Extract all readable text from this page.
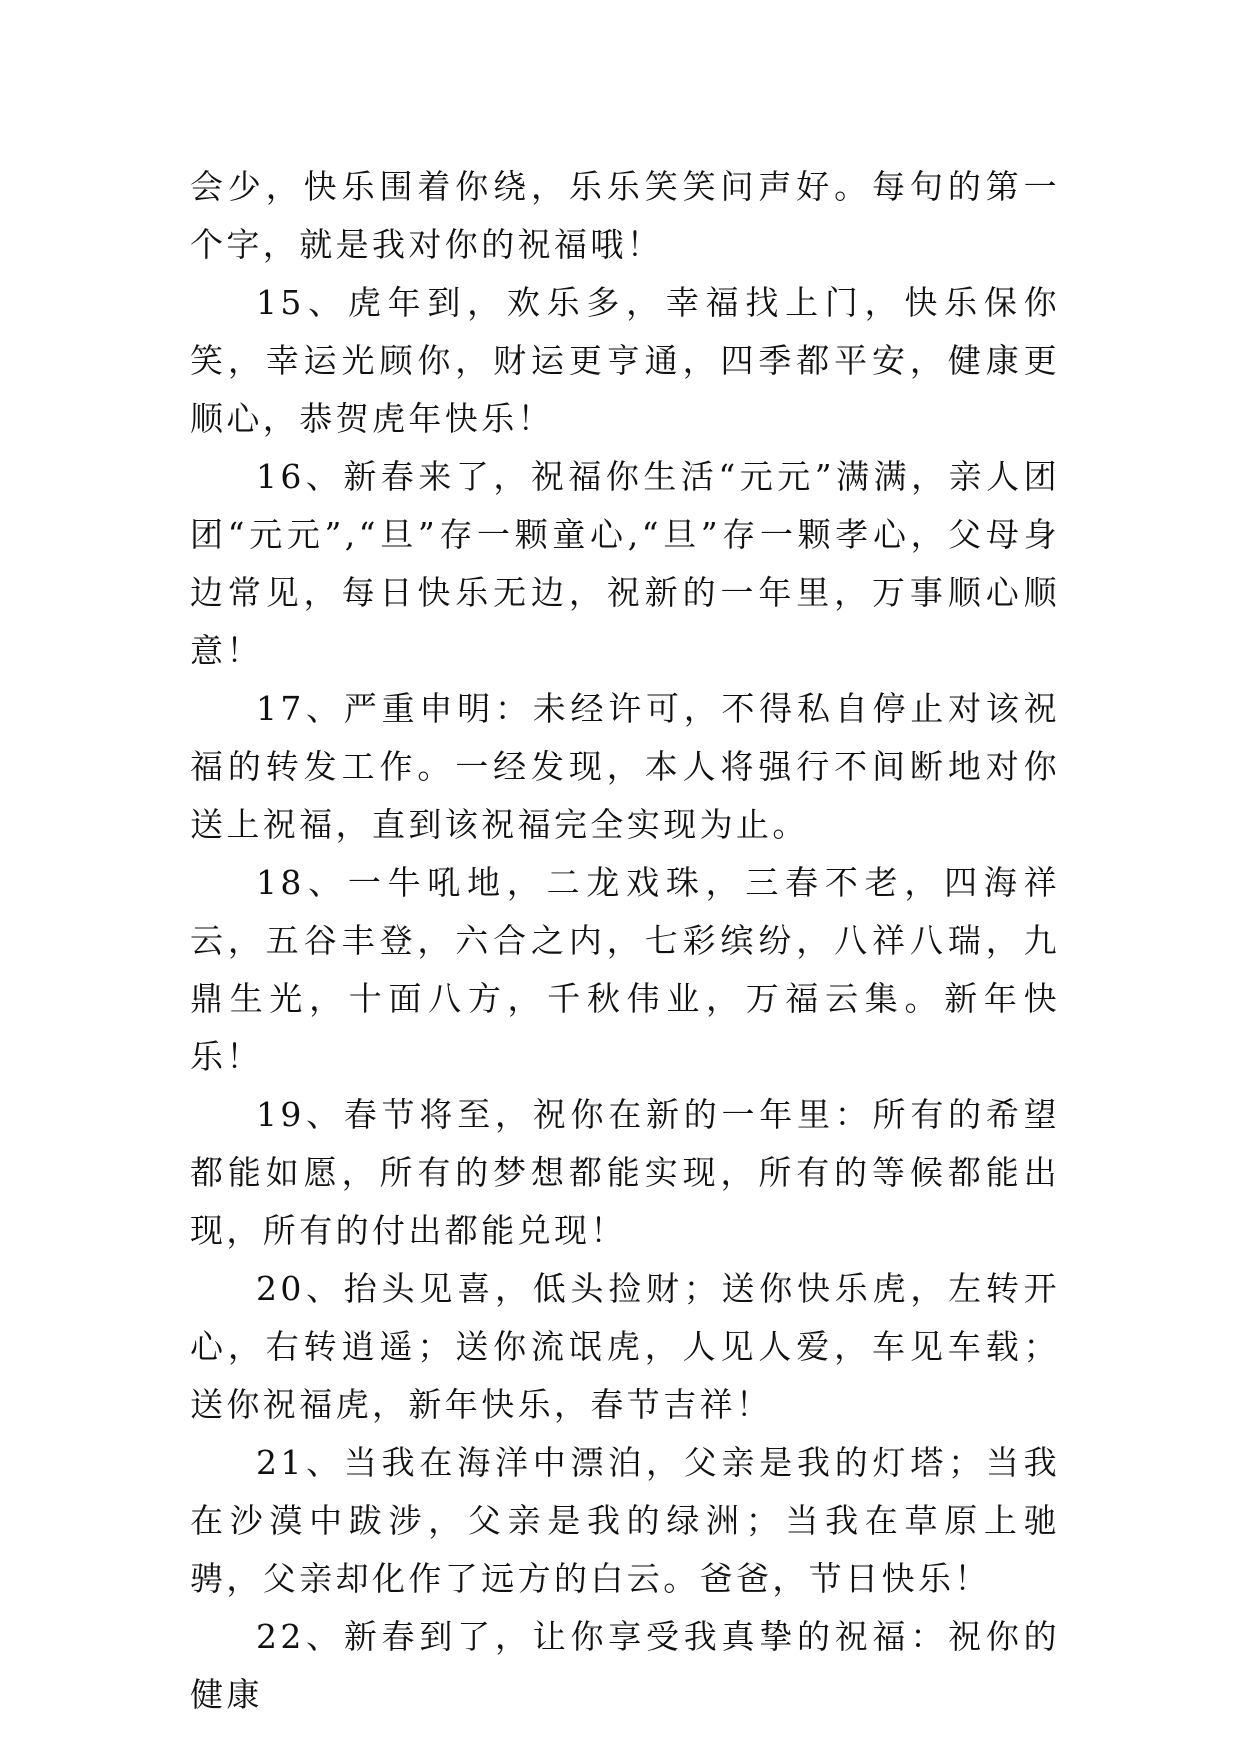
会少，快乐围着你绕，乐乐笑笑问声好。每句的第一个字，就是我对你的祝福哦！

15、虎年到，欢乐多，幸福找上门，快乐保你笑，幸运光顾你，财运更亨通，四季都平安，健康更顺心，恭贺虎年快乐！

16、新春来了，祝福你生活“元元”满满，亲人团团“元元”,“旦”存一颗童心,“旦”存一颗孝心，父母身边常见，每日快乐无边，祝新的一年里，万事顺心顺意！

17、严重申明：未经许可，不得私自停止对该祝福的转发工作。一经发现，本人将强行不间断地对你送上祝福，直到该祝福完全实现为止。

18、一牛吼地，二龙戏珠，三春不老，四海祥云，五谷丰登，六合之内，七彩缤纷，八祥八瑞，九鼎生光，十面八方，千秋伟业，万福云集。新年快乐！

19、春节将至，祝你在新的一年里：所有的希望都能如愿，所有的梦想都能实现，所有的等候都能出现，所有的付出都能兑现！

20、抬头见喜，低头捡财；送你快乐虎，左转开心，右转逍遥；送你流氓虎，人见人爱，车见车载；送你祝福虎，新年快乐，春节吉祥！

21、当我在海洋中漂泊，父亲是我的灯塔；当我在沙漠中跋涉，父亲是我的绿洲；当我在草原上驰骋，父亲却化作了远方的白云。爸爸，节日快乐！

22、新春到了，让你享受我真挚的祝福：祝你的健康
